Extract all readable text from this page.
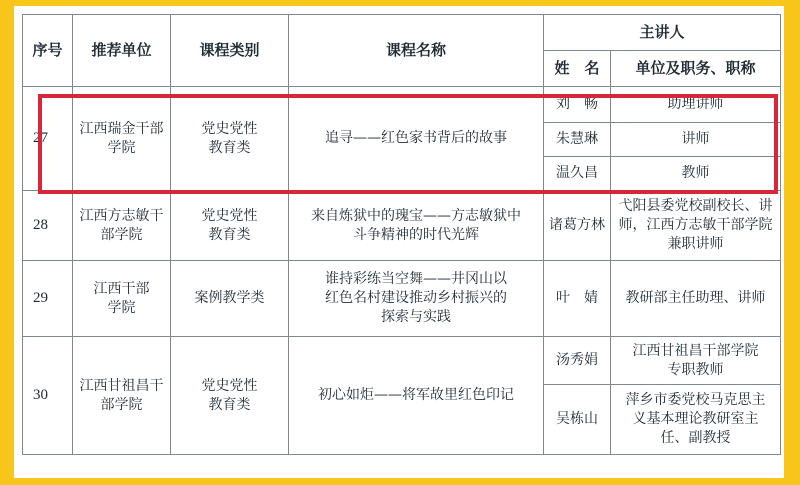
序号	推荐单位	课程类别	课程名称	主讲人	
				姓　名	单位及职务、职称
27	江西瑞金干部学院	党史党性教育类	追寻——红色家书背后的故事	刘　畅	助理讲师
				朱慧琳	讲师
				温久昌	教师
28	江西方志敏干部学院	党史党性教育类	来自炼狱中的瑰宝——方志敏狱中斗争精神的时代光辉	诸葛方林	弋阳县委党校副校长、讲师，江西方志敏干部学院兼职讲师
29	江西干部学院	案例教学类	谁持彩练当空舞——井冈山以红色名村建设推动乡村振兴的探索与实践	叶　婧	教研部主任助理、讲师
30	江西甘祖昌干部学院	党史党性教育类	初心如炬——将军故里红色印记	汤秀娟	江西甘祖昌干部学院专职教师
				吴栋山	萍乡市委党校马克思主义基本理论教研室主任、副教授
